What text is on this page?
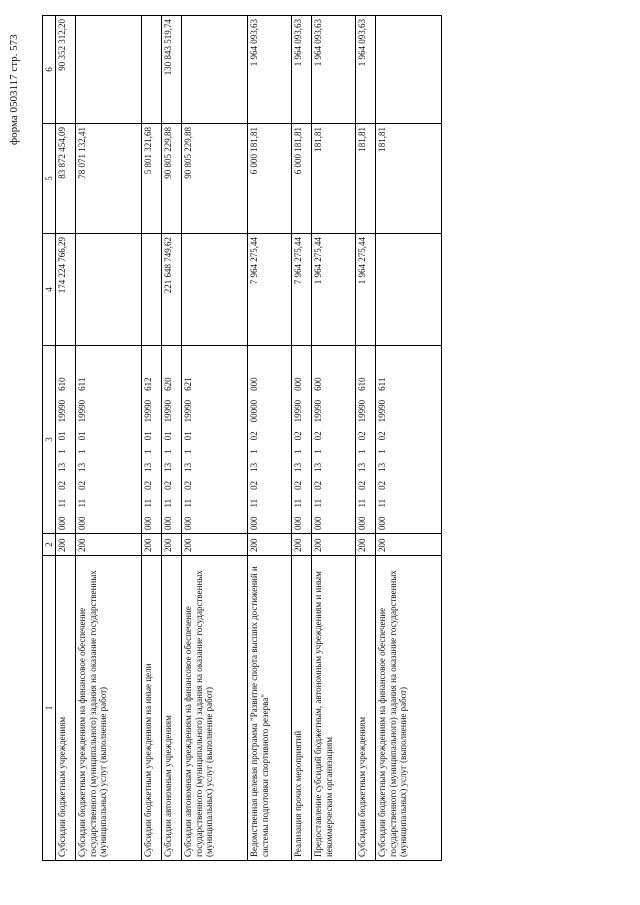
форма 0503117 стр. 573
1	2	3	4	5	6
Субсидии бюджетным учреждениям	200	00011021310119990610	174 224 766,29	83 872 454,09	90 352 312,20
Субсидии бюджетным учреждениям на финансовое обеспечение государственного (муниципального) задания на оказание государственных (муниципальных) услуг (выполнение работ)	200	00011021310119990611		78 071 132,41	
Субсидии бюджетным учреждениям на иные цели	200	00011021310119990612		5 801 321,68	
Субсидии автономным учреждениям	200	00011021310119990620	221 648 749,62	90 805 229,88	130 843 519,74
Субсидии автономным учреждениям на финансовое обеспечение государственного (муниципального) задания на оказание государственных (муниципальных) услуг (выполнение работ)	200	00011021310119990621		90 805 229,88	
Ведомственная целевая программа "Развитие спорта высших достижений и системы подготовки спортивного резерва"	200	00011021310200000000	7 964 275,44	6 000 181,81	1 964 093,63
Реализация прочих мероприятий	200	00011021310219990000	7 964 275,44	6 000 181,81	1 964 093,63
Предоставление субсидий бюджетным, автономным учреждениям и иным некоммерческим организациям	200	00011021310219990600	1 964 275,44	181,81	1 964 093,63
Субсидии бюджетным учреждениям	200	00011021310219990610	1 964 275,44	181,81	1 964 093,63
Субсидии бюджетным учреждениям на финансовое обеспечение государственного (муниципального) задания на оказание государственных (муниципальных) услуг (выполнение работ)	200	00011021310219990611		181,81	
